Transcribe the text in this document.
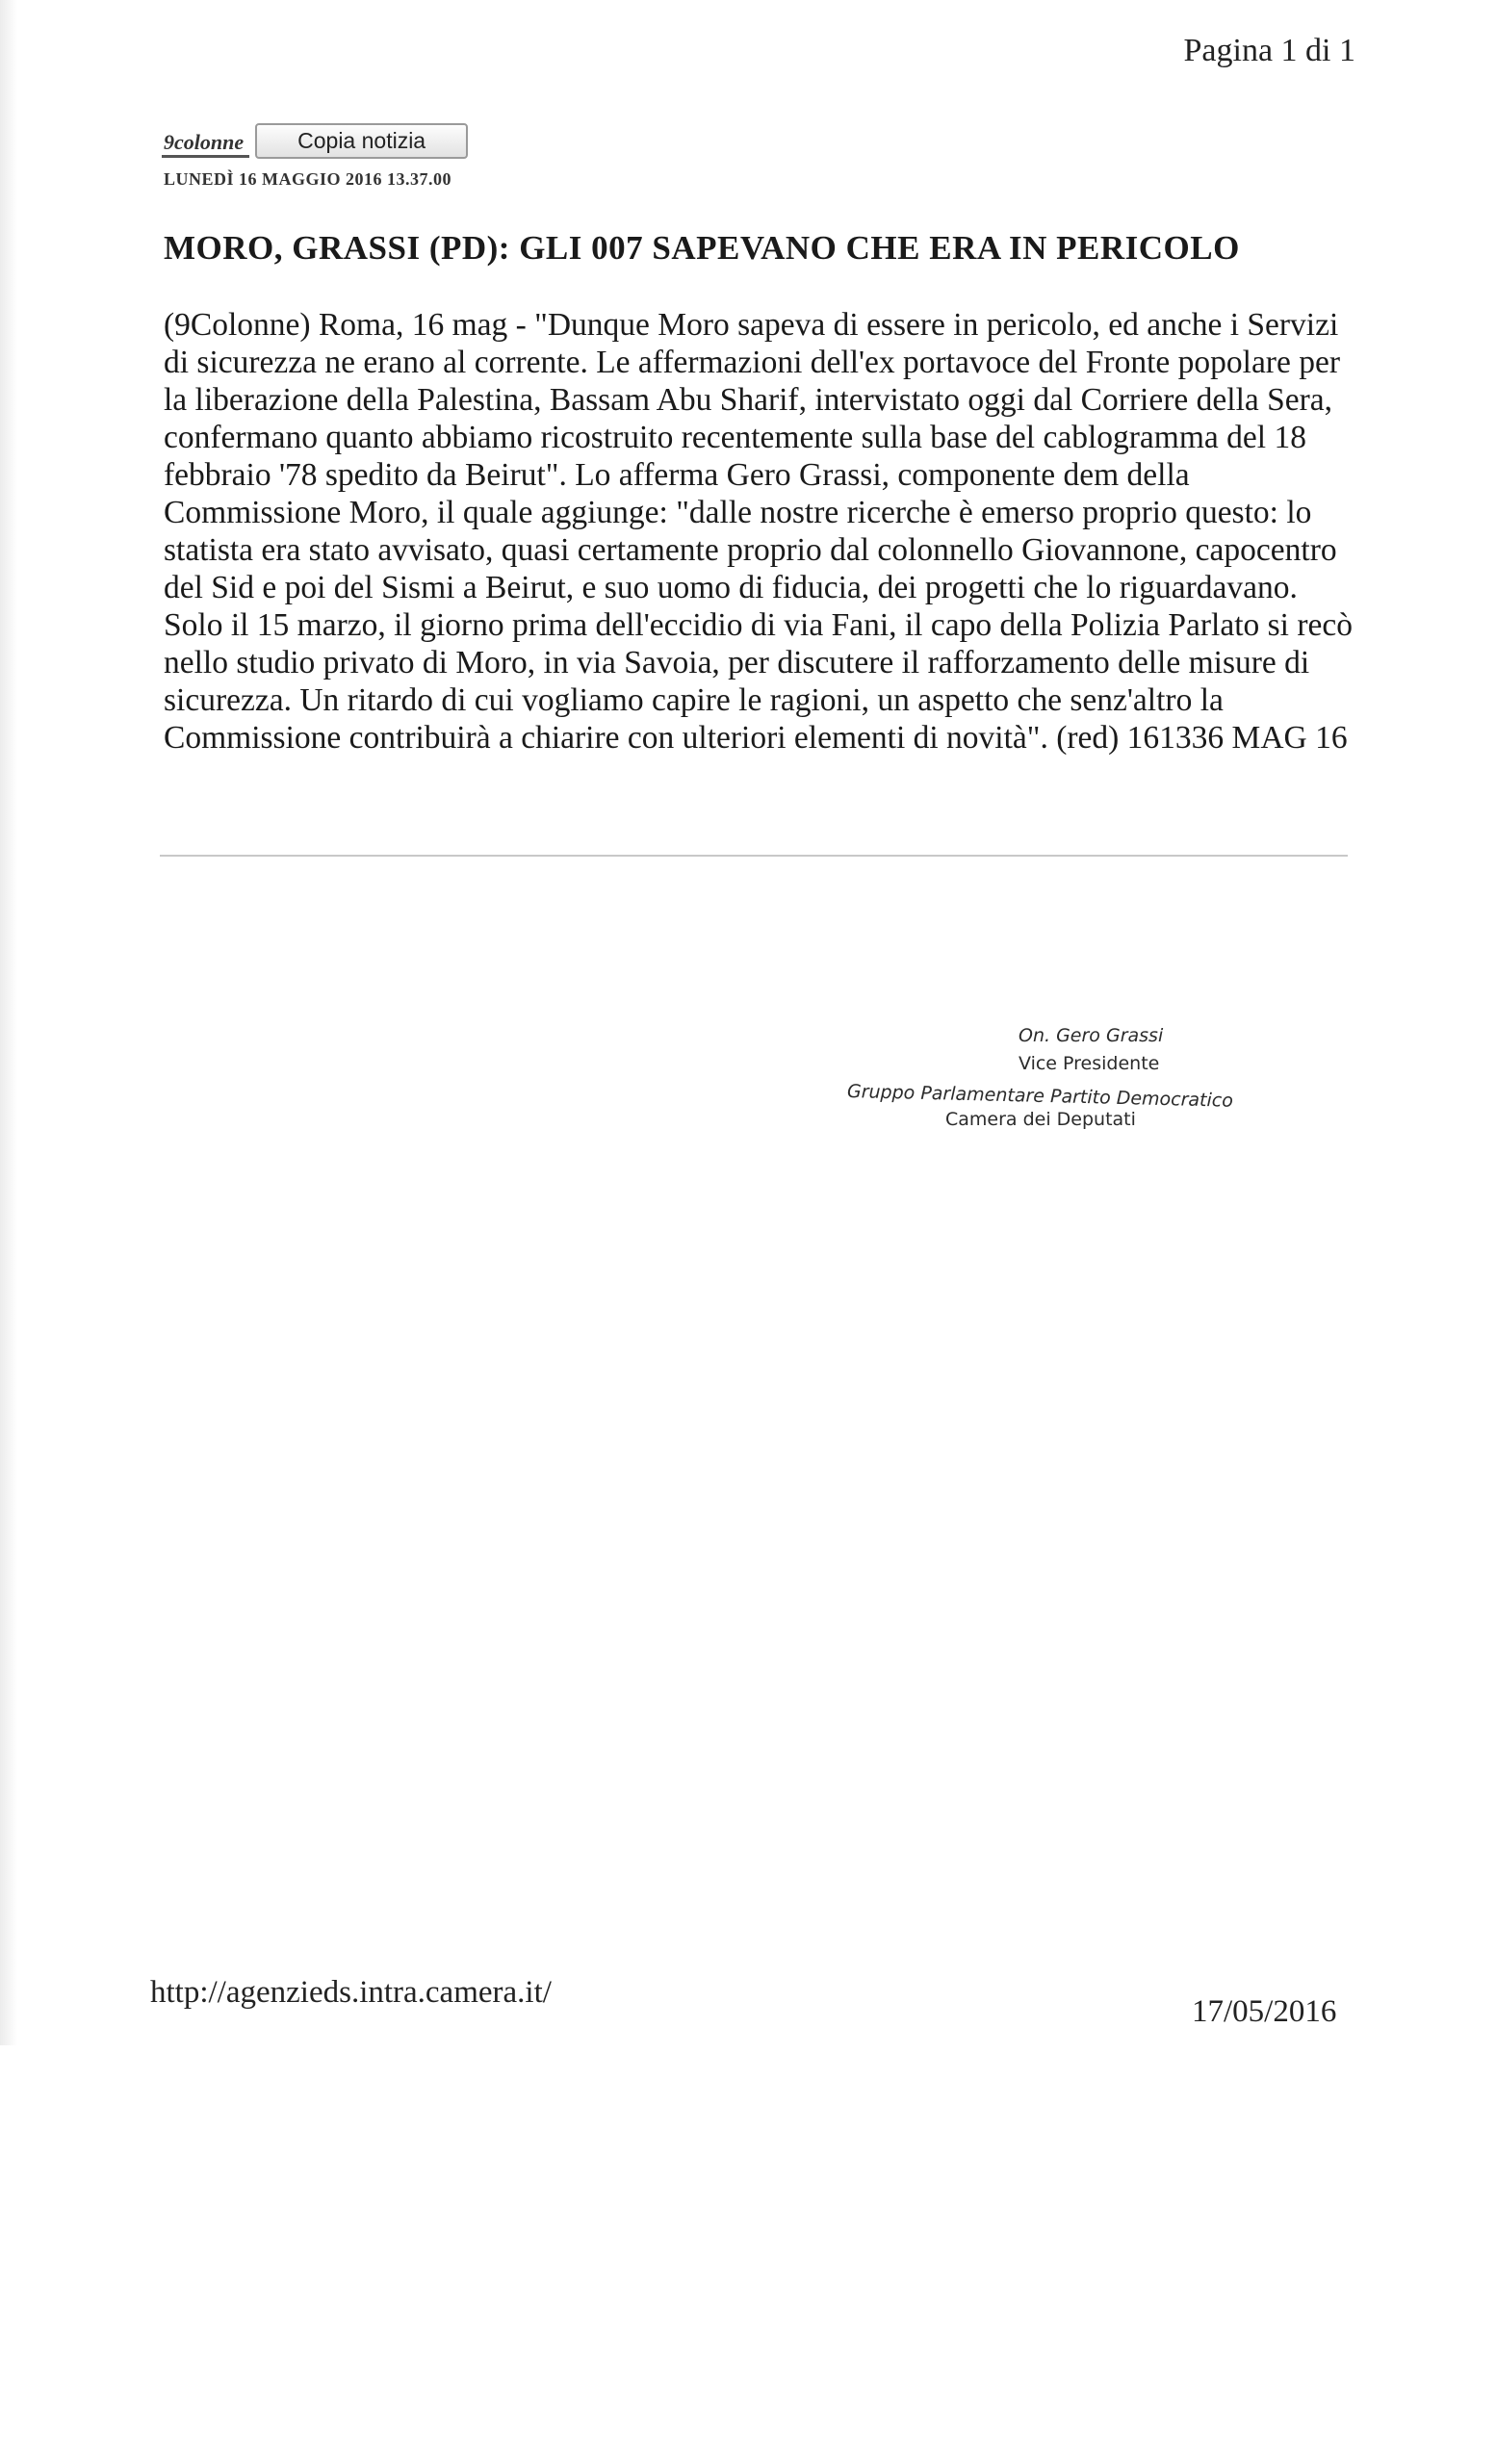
Pagina 1 di 1
9colonne	Copia notizia
LUNEDÌ 16 MAGGIO 2016 13.37.00
MORO, GRASSI (PD): GLI 007 SAPEVANO CHE ERA IN PERICOLO

(9Colonne) Roma, 16 mag - "Dunque Moro sapeva di essere in pericolo, ed anche i Servizi di sicurezza ne erano al corrente. Le affermazioni dell'ex portavoce del Fronte popolare per la liberazione della Palestina, Bassam Abu Sharif, intervistato oggi dal Corriere della Sera, confermano quanto abbiamo ricostruito recentemente sulla base del cablogramma del 18 febbraio '78 spedito da Beirut". Lo afferma Gero Grassi, componente dem della Commissione Moro, il quale aggiunge: "dalle nostre ricerche è emerso proprio questo: lo statista era stato avvisato, quasi certamente proprio dal colonnello Giovannone, capocentro del Sid e poi del Sismi a Beirut, e suo uomo di fiducia, dei progetti che lo riguardavano. Solo il 15 marzo, il giorno prima dell'eccidio di via Fani, il capo della Polizia Parlato si recò nello studio privato di Moro, in via Savoia, per discutere il rafforzamento delle misure di sicurezza. Un ritardo di cui vogliamo capire le ragioni, un aspetto che senz'altro la Commissione contribuirà a chiarire con ulteriori elementi di novità". (red) 161336 MAG 16

On. Gero Grassi
Vice Presidente
Gruppo Parlamentare Partito Democratico
Camera dei Deputati
http://agenzieds.intra.camera.it/
17/05/2016
